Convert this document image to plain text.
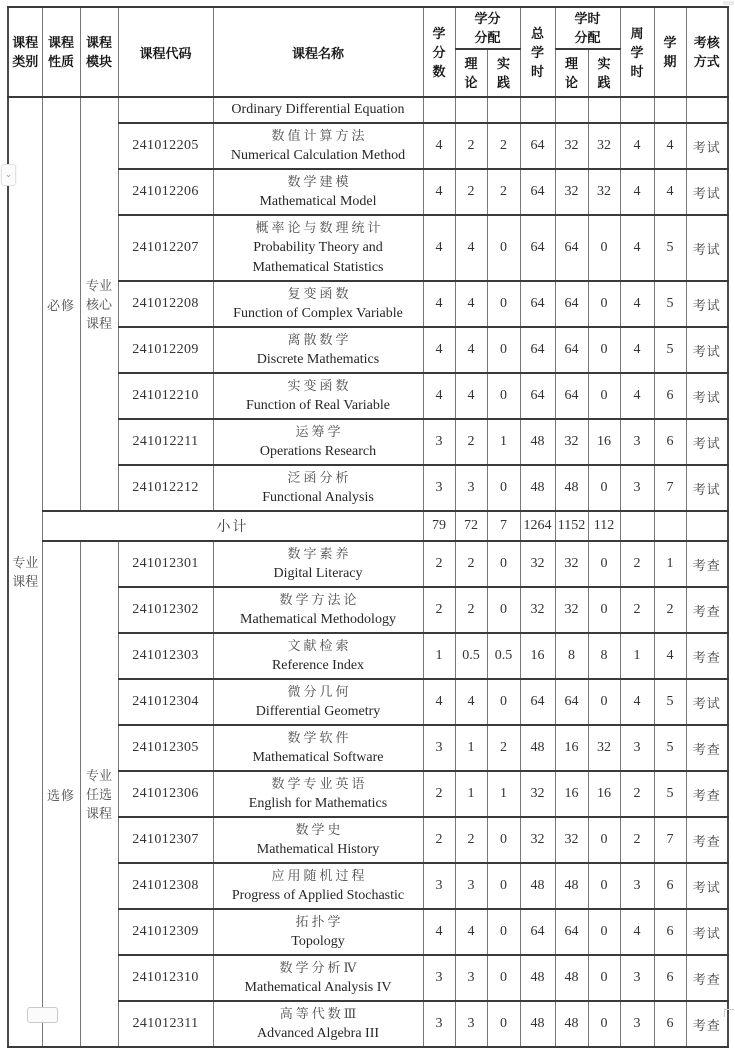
⌄
课程类别	课程性质	课程模块	课程代码	课程名称	学分数	学分分配		总学时	学时分配		周学时	学期	考核方式
						理论	实践		理论	实践			
专业课程	必修	专业核心课程		Ordinary Differential Equation									

			241012205	数值计算方法
Numerical Calculation Method	4	2	2	64	32	32	4	4	考试
			241012206	数学建模
Mathematical Model	4	2	2	64	32	32	4	4	考试
			241012207	概率论与数理统计
Probability Theory and Mathematical Statistics	4	4	0	64	64	0	4	5	考试
			241012208	复变函数
Function of Complex Variable	4	4	0	64	64	0	4	5	考试
			241012209	离散数学
Discrete Mathematics	4	4	0	64	64	0	4	5	考试
			241012210	实变函数
Function of Real Variable	4	4	0	64	64	0	4	6	考试
			241012211	运筹学
Operations Research	3	2	1	48	32	16	3	6	考试
			241012212	泛函分析
Functional Analysis	3	3	0	48	48	0	3	7	考试
	小计				79	72	7	1264	1152	112			
	选修	专业任选课程	241012301	数字素养
Digital Literacy	2	2	0	32	32	0	2	1	考查
			241012302	数学方法论
Mathematical Methodology	2	2	0	32	32	0	2	2	考查
			241012303	文献检索
Reference Index	1	0.5	0.5	16	8	8	1	4	考查
			241012304	微分几何
Differential Geometry	4	4	0	64	64	0	4	5	考试
			241012305	数学软件
Mathematical Software	3	1	2	48	16	32	3	5	考查
			241012306	数学专业英语
English for Mathematics	2	1	1	32	16	16	2	5	考查
			241012307	数学史
Mathematical History	2	2	0	32	32	0	2	7	考查
			241012308	应用随机过程
Progress of Applied Stochastic	3	3	0	48	48	0	3	6	考试
			241012309	拓扑学
Topology	4	4	0	64	64	0	4	6	考试
			241012310	数学分析Ⅳ
Mathematical Analysis IV	3	3	0	48	48	0	3	6	考查
			241012311	高等代数Ⅲ
Advanced Algebra III	3	3	0	48	48	0	3	6	考查
